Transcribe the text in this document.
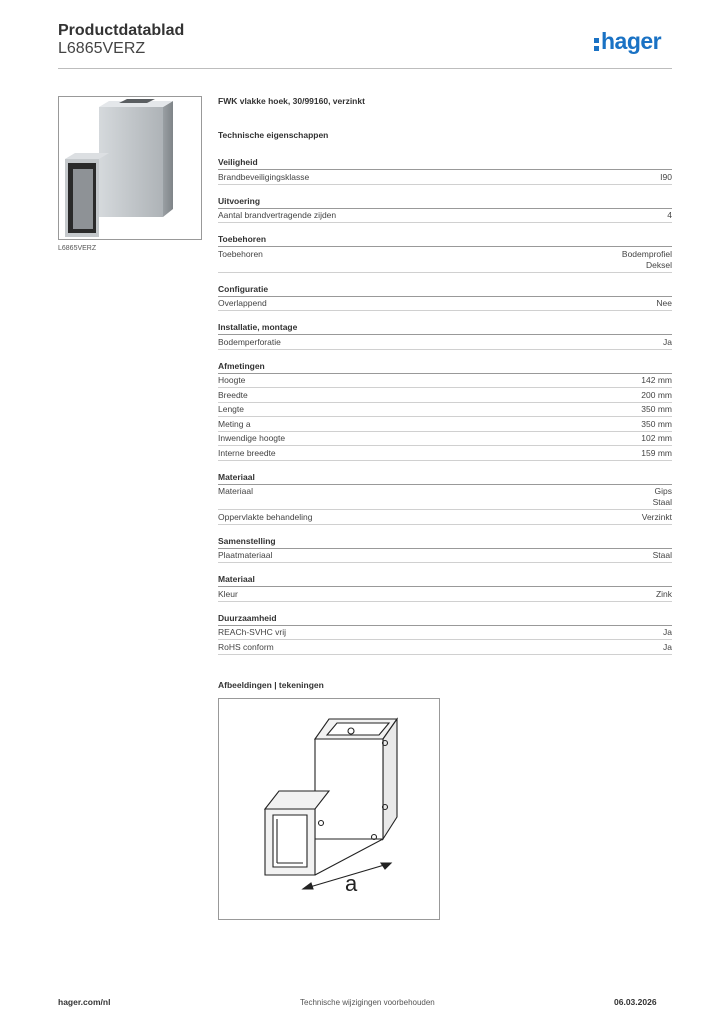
Productdatablad
L6865VERZ	hager
L6865VERZ
FWK vlakke hoek, 30/99160, verzinkt
Technische eigenschappen
Veiligheid
Brandbeveiligingsklasse	I90
Uitvoering
Aantal brandvertragende zijden	4
Toebehoren
Toebehoren	Bodemprofiel
Deksel
Configuratie
Overlappend	Nee
Installatie, montage
Bodemperforatie	Ja
Afmetingen
Hoogte	142 mm
Breedte	200 mm
Lengte	350 mm
Meting a	350 mm
Inwendige hoogte	102 mm
Interne breedte	159 mm
Materiaal
Materiaal	Gips
Staal
Oppervlakte behandeling	Verzinkt
Samenstelling
Plaatmateriaal	Staal
Materiaal
Kleur	Zink
Duurzaamheid
REACh-SVHC vrij	Ja
RoHS conform	Ja
Afbeeldingen | tekeningen
a
hager.com/nl	Technische wijzigingen voorbehouden	06.03.2026
